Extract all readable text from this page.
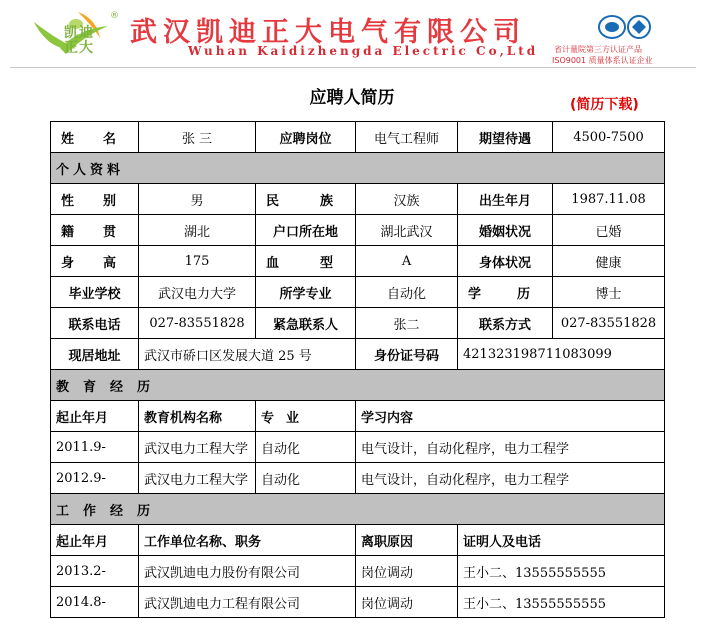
凯迪
正大
®
武汉凯迪正大电气有限公司
Wuhan Kaidizhengda Electric Co,Ltd 省计量院第三方认证产品
ISO9001 质量体系认证企业
应聘人简历	(简历下载)
姓名	张 三	应聘岗位	电气工程师	期望待遇	4500-7500
个人资料					
性别	男	民族	汉族	出生年月	1987.11.08
籍贯	湖北	户口所在地	湖北武汉	婚姻状况	已婚
身高	175	血型	A	身体状况	健康
毕业学校	武汉电力大学	所学专业	自动化	学历	博士
联系电话	027-83551828	紧急联系人	张二	联系方式	027-83551828
现居地址	武汉市硚口区发展大道 25 号		身份证号码	421323198711083099	
教育经历					
起止年月	教育机构名称	专业	学习内容		
2011.9-	武汉电力工程大学	自动化	电气设计，自动化程序，电力工程学		
2012.9-	武汉电力工程大学	自动化	电气设计，自动化程序，电力工程学		
工作经历					
起止年月	工作单位名称、职务		离职原因	证明人及电话	
2013.2-	武汉凯迪电力股份有限公司		岗位调动	王小二、13555555555	
2014.8-	武汉凯迪电力工程有限公司		岗位调动	王小二、13555555555	
